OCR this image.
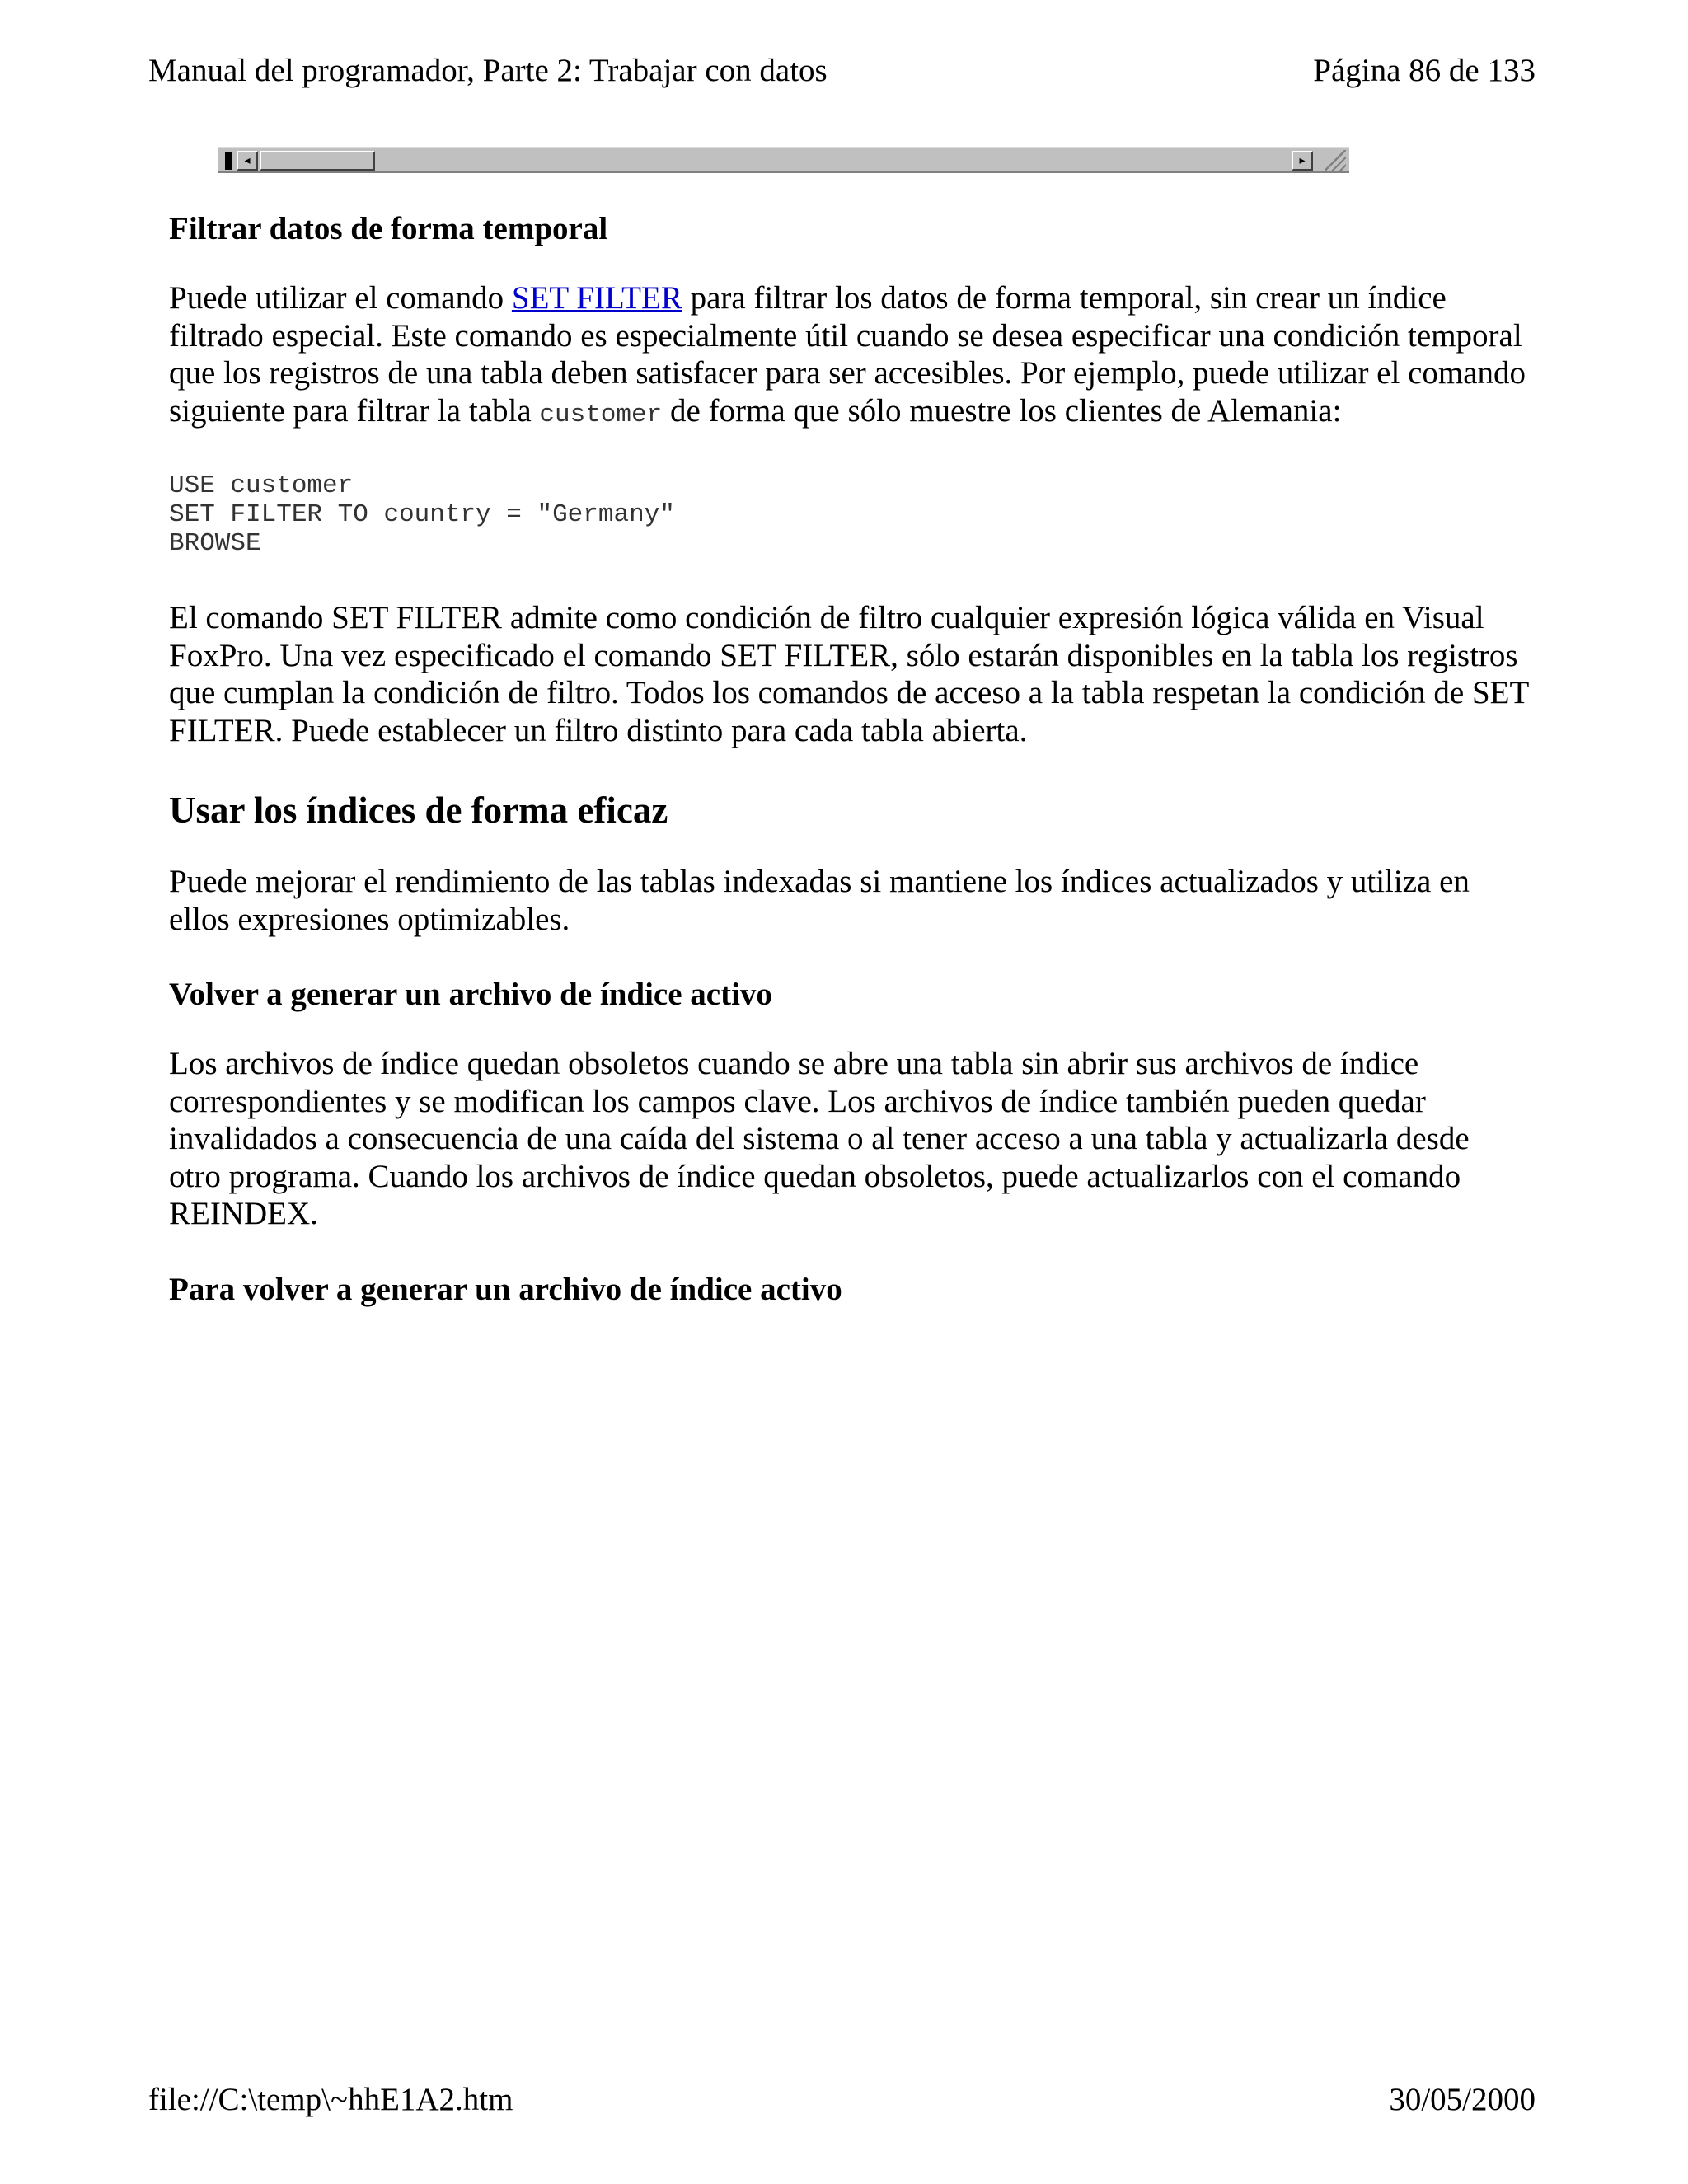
Manual del programador, Parte 2: Trabajar con datos	Página 86 de 133
◂	▸
Filtrar datos de forma temporal

Puede utilizar el comando SET FILTER para filtrar los datos de forma temporal, sin crear un índice filtrado especial. Este comando es especialmente útil cuando se desea especificar una condición temporal que los registros de una tabla deben satisfacer para ser accesibles. Por ejemplo, puede utilizar el comando siguiente para filtrar la tabla customer de forma que sólo muestre los clientes de Alemania:

USE customer
SET FILTER TO country = "Germany"
BROWSE

El comando SET FILTER admite como condición de filtro cualquier expresión lógica válida en Visual FoxPro. Una vez especificado el comando SET FILTER, sólo estarán disponibles en la tabla los registros que cumplan la condición de filtro. Todos los comandos de acceso a la tabla respetan la condición de SET FILTER. Puede establecer un filtro distinto para cada tabla abierta.

Usar los índices de forma eficaz

Puede mejorar el rendimiento de las tablas indexadas si mantiene los índices actualizados y utiliza en ellos expresiones optimizables.

Volver a generar un archivo de índice activo

Los archivos de índice quedan obsoletos cuando se abre una tabla sin abrir sus archivos de índice correspondientes y se modifican los campos clave. Los archivos de índice también pueden quedar invalidados a consecuencia de una caída del sistema o al tener acceso a una tabla y actualizarla desde otro programa. Cuando los archivos de índice quedan obsoletos, puede actualizarlos con el comando REINDEX.

Para volver a generar un archivo de índice activo
file://C:\temp\~hhE1A2.htm	30/05/2000
